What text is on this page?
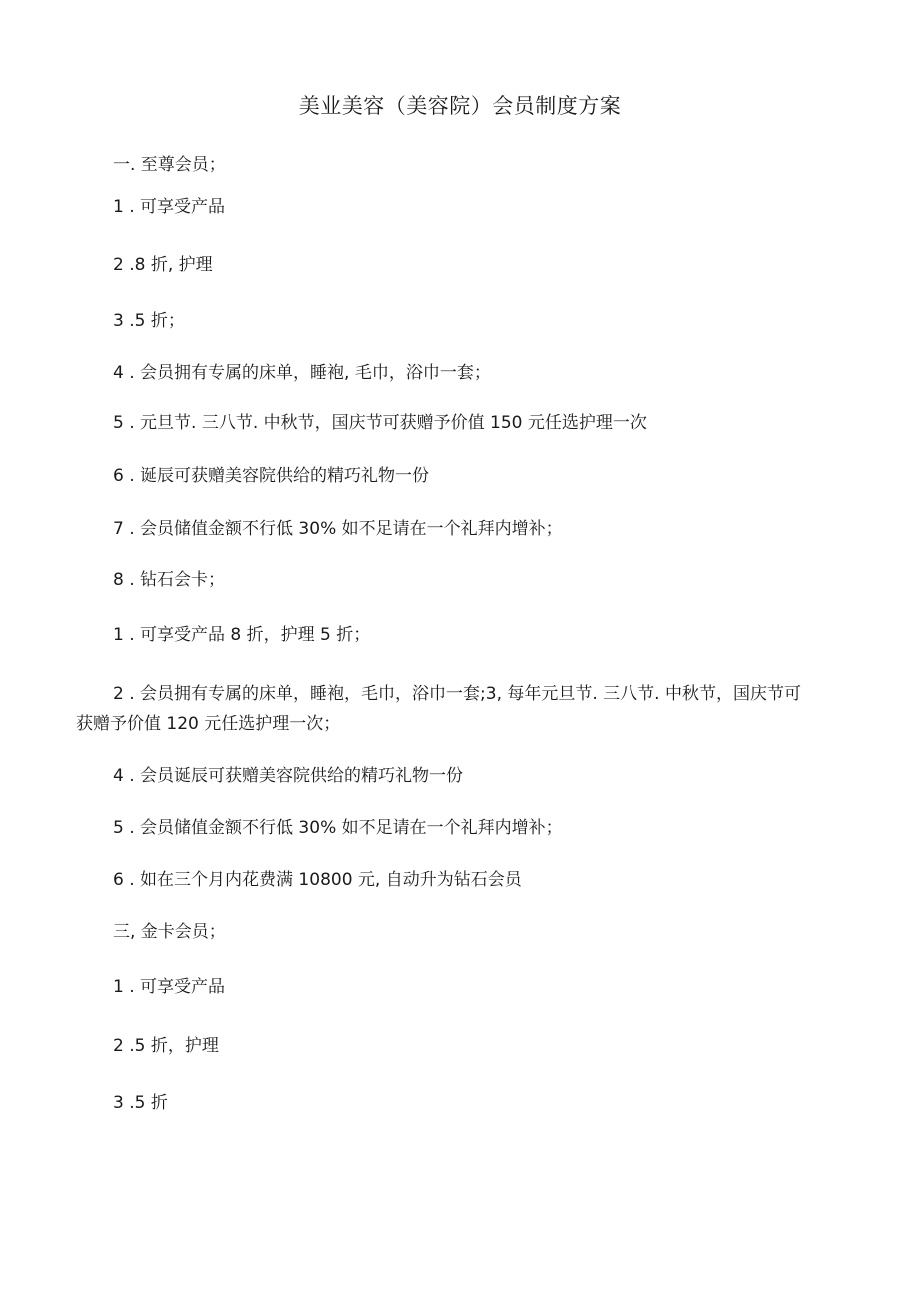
美业美容（美容院）会员制度方案
一. 至尊会员；
1 . 可享受产品
2 .8 折, 护理
3 .5 折；
4 . 会员拥有专属的床单，睡袍, 毛巾，浴巾一套；
5 . 元旦节. 三八节. 中秋节，国庆节可获赠予价值 150 元任选护理一次
6 . 诞辰可获赠美容院供给的精巧礼物一份
7 . 会员储值金额不行低 30% 如不足请在一个礼拜内增补；
8 . 钻石会卡；
1 . 可享受产品 8 折，护理 5 折；
2 . 会员拥有专属的床单，睡袍，毛巾，浴巾一套;3, 每年元旦节. 三八节. 中秋节，国庆节可获赠予价值 120 元任选护理一次；
4 . 会员诞辰可获赠美容院供给的精巧礼物一份
5 . 会员储值金额不行低 30% 如不足请在一个礼拜内增补；
6 . 如在三个月内花费满 10800 元, 自动升为钻石会员
三, 金卡会员；
1 . 可享受产品
2 .5 折，护理
3 .5 折
